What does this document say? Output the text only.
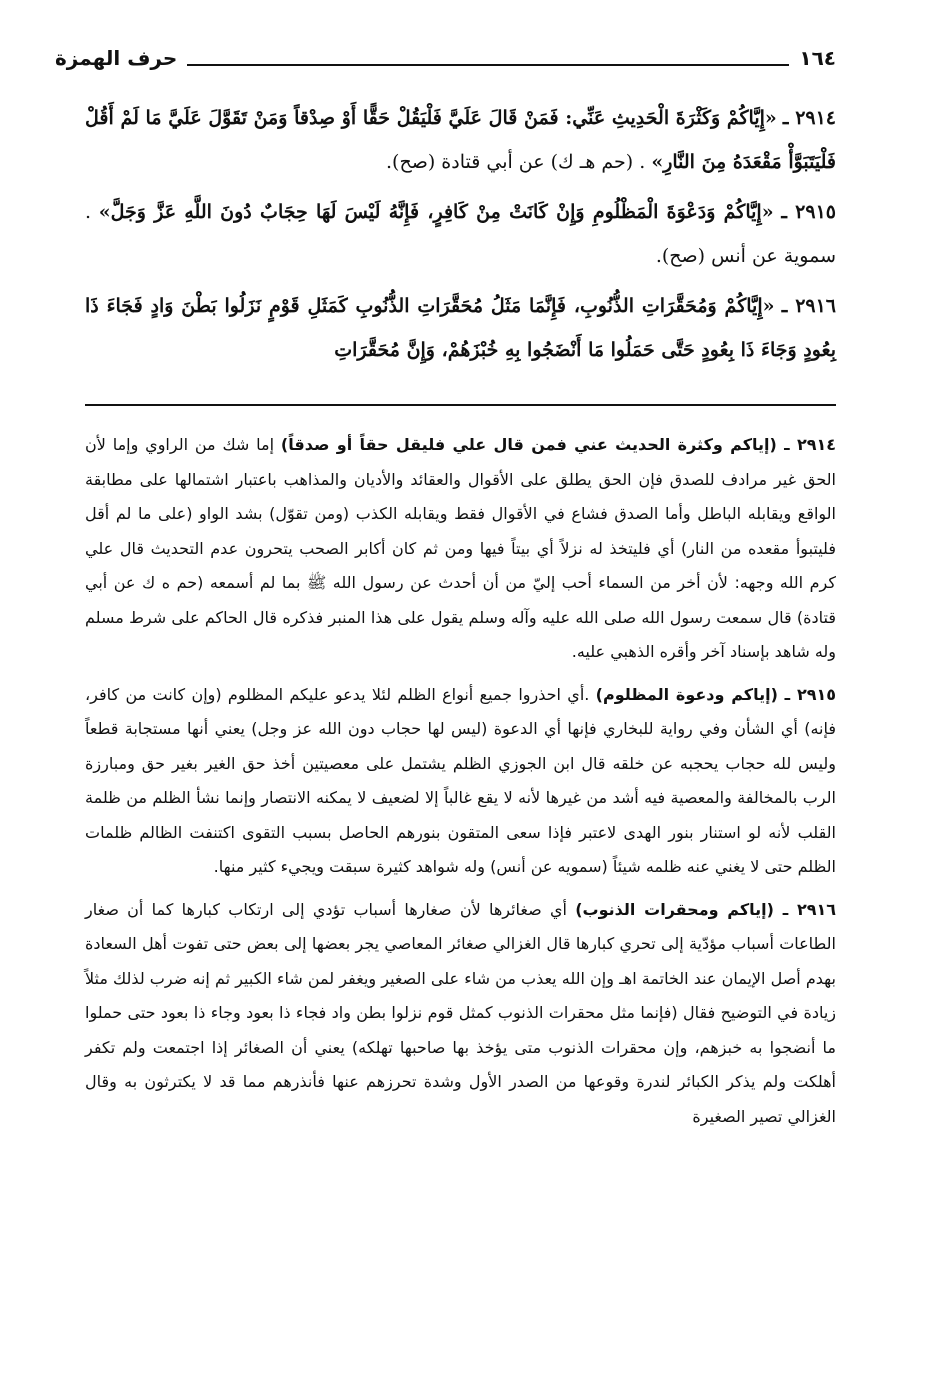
١٦٤
حرف الهمزة

٢٩١٤ ـ «إِيَّاكُمْ وَكَثْرَةَ الْحَدِيثِ عَنِّي: فَمَنْ قَالَ عَلَيَّ فَلْيَقُلْ حَقًّا أَوْ صِدْقاً وَمَنْ تَقَوَّلَ عَلَيَّ مَا لَمْ أَقُلْ فَلْيَتَبَوَّأْ مَقْعَدَهُ مِنَ النَّارِ» . (حم هـ ك) عن أبي قتادة (صح).

٢٩١٥ ـ «إِيَّاكُمْ وَدَعْوَةَ الْمَظْلُومِ وَإِنْ كَانَتْ مِنْ كَافِرٍ، فَإِنَّهُ لَيْسَ لَهَا حِجَابٌ دُونَ اللَّهِ عَزَّ وَجَلَّ» . سموية عن أنس (صح).

٢٩١٦ ـ «إِيَّاكُمْ وَمُحَقَّرَاتِ الذُّنُوبِ، فَإِنَّمَا مَثَلُ مُحَقَّرَاتِ الذُّنُوبِ كَمَثَلِ قَوْمٍ نَزَلُوا بَطْنَ وَادٍ فَجَاءَ ذَا بِعُودٍ وَجَاءَ ذَا بِعُودٍ حَتَّى حَمَلُوا مَا أَنْضَجُوا بِهِ خُبْزَهُمْ، وَإِنَّ مُحَقَّرَاتِ

٢٩١٤ ـ (إياكم وكثرة الحديث عني فمن قال علي فليقل حقاً أو صدقاً) إما شك من الراوي وإما لأن الحق غير مرادف للصدق فإن الحق يطلق على الأقوال والعقائد والأديان والمذاهب باعتبار اشتمالها على مطابقة الواقع ويقابله الباطل وأما الصدق فشاع في الأقوال فقط ويقابله الكذب (ومن تقوّل) بشد الواو (على ما لم أقل فليتبوأ مقعده من النار) أي فليتخذ له نزلاً أي بيتاً فيها ومن ثم كان أكابر الصحب يتحرون عدم التحديث قال علي كرم الله وجهه: لأن أخر من السماء أحب إليّ من أن أحدث عن رسول الله ﷺ بما لم أسمعه (حم ه ك عن أبي قتادة) قال سمعت رسول الله صلى الله عليه وآله وسلم يقول على هذا المنبر فذكره قال الحاكم على شرط مسلم وله شاهد بإسناد آخر وأقره الذهبي عليه.

٢٩١٥ ـ (إياكم ودعوة المظلوم) .أي احذروا جميع أنواع الظلم لئلا يدعو عليكم المظلوم (وإن كانت من كافر، فإنه) أي الشأن وفي رواية للبخاري فإنها أي الدعوة (ليس لها حجاب دون الله عز وجل) يعني أنها مستجابة قطعاً وليس لله حجاب يحجبه عن خلقه قال ابن الجوزي الظلم يشتمل على معصيتين أخذ حق الغير بغير حق ومبارزة الرب بالمخالفة والمعصية فيه أشد من غيرها لأنه لا يقع غالباً إلا لضعيف لا يمكنه الانتصار وإنما نشأ الظلم من ظلمة القلب لأنه لو استنار بنور الهدى لاعتبر فإذا سعى المتقون بنورهم الحاصل بسبب التقوى اكتنفت الظالم ظلمات الظلم حتى لا يغني عنه ظلمه شيئاً (سمويه عن أنس) وله شواهد كثيرة سبقت ويجيء كثير منها.

٢٩١٦ ـ (إياكم ومحقرات الذنوب) أي صغائرها لأن صغارها أسباب تؤدي إلى ارتكاب كبارها كما أن صغار الطاعات أسباب مؤدّية إلى تحري كبارها قال الغزالي صغائر المعاصي يجر بعضها إلى بعض حتى تفوت أهل السعادة بهدم أصل الإيمان عند الخاتمة اهـ وإن الله يعذب من شاء على الصغير ويغفر لمن شاء الكبير ثم إنه ضرب لذلك مثلاً زيادة في التوضيح فقال (فإنما مثل محقرات الذنوب كمثل قوم نزلوا بطن واد فجاء ذا بعود وجاء ذا بعود حتى حملوا ما أنضجوا به خبزهم، وإن محقرات الذنوب متى يؤخذ بها صاحبها تهلكه) يعني أن الصغائر إذا اجتمعت ولم تكفر أهلكت ولم يذكر الكبائر لندرة وقوعها من الصدر الأول وشدة تحرزهم عنها فأنذرهم مما قد لا يكترثون به وقال الغزالي تصير الصغيرة
